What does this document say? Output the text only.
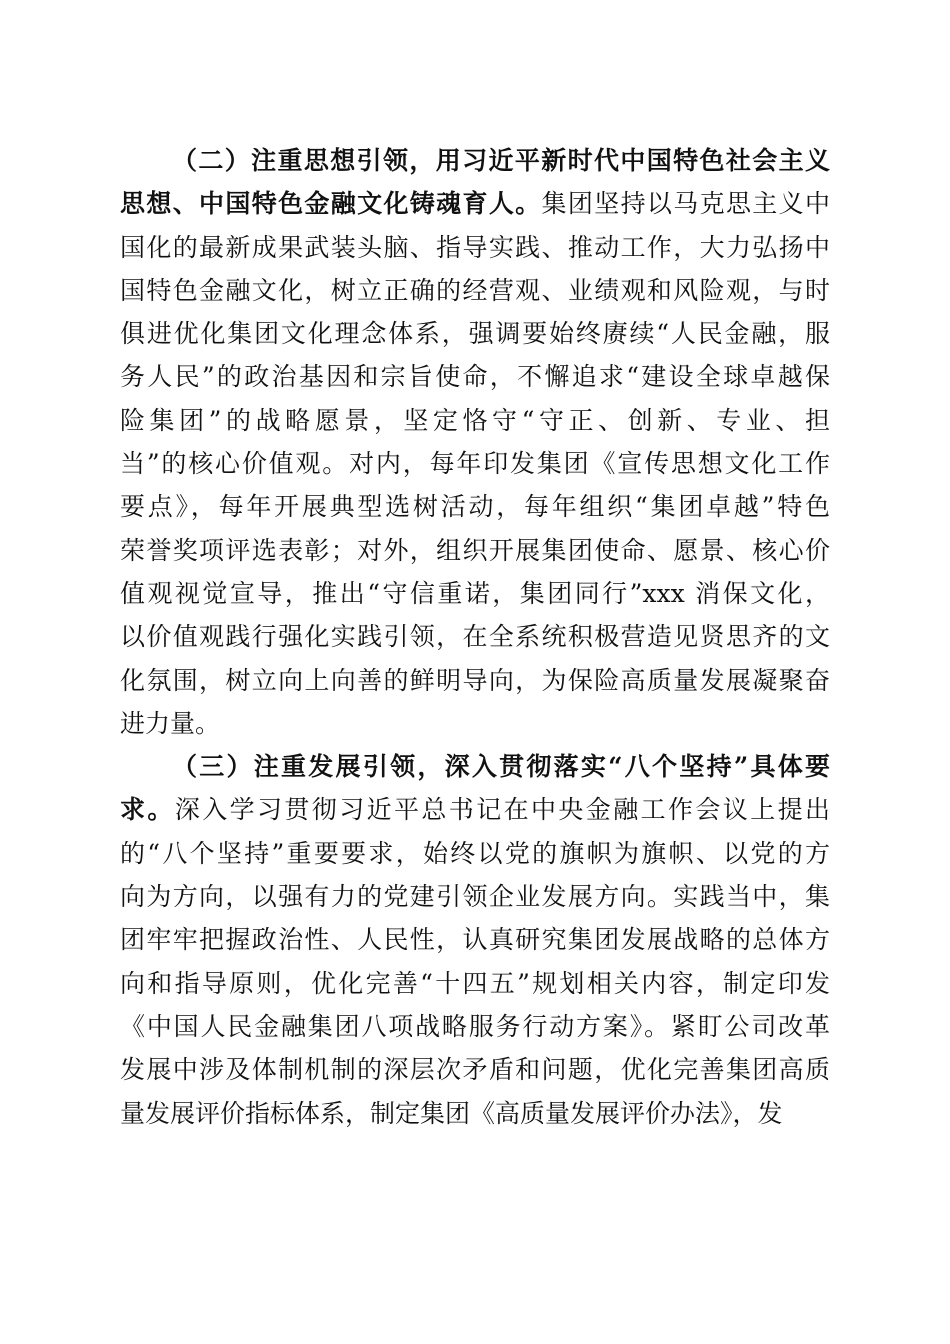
（二）注重思想引领，用习近平新时代中国特色社会主义
思想、中国特色金融文化铸魂育人。集团坚持以马克思主义中
国化的最新成果武装头脑、指导实践、推动工作，大力弘扬中
国特色金融文化，树立正确的经营观、业绩观和风险观，与时
俱进优化集团文化理念体系，强调要始终赓续“人民金融，服
务人民”的政治基因和宗旨使命，不懈追求“建设全球卓越保
险集团”的战略愿景，坚定恪守“守正、创新、专业、担
当”的核心价值观。对内，每年印发集团《宣传思想文化工作
要点》，每年开展典型选树活动，每年组织“集团卓越”特色
荣誉奖项评选表彰；对外，组织开展集团使命、愿景、核心价
值观视觉宣导，推出“守信重诺，集团同行”xxx 消保文化，
以价值观践行强化实践引领，在全系统积极营造见贤思齐的文
化氛围，树立向上向善的鲜明导向，为保险高质量发展凝聚奋
进力量。
（三）注重发展引领，深入贯彻落实“八个坚持”具体要
求。深入学习贯彻习近平总书记在中央金融工作会议上提出
的“八个坚持”重要要求，始终以党的旗帜为旗帜、以党的方
向为方向，以强有力的党建引领企业发展方向。实践当中，集
团牢牢把握政治性、人民性，认真研究集团发展战略的总体方
向和指导原则，优化完善“十四五”规划相关内容，制定印发
《中国人民金融集团八项战略服务行动方案》。紧盯公司改革
发展中涉及体制机制的深层次矛盾和问题，优化完善集团高质
量发展评价指标体系，制定集团《高质量发展评价办法》，发
